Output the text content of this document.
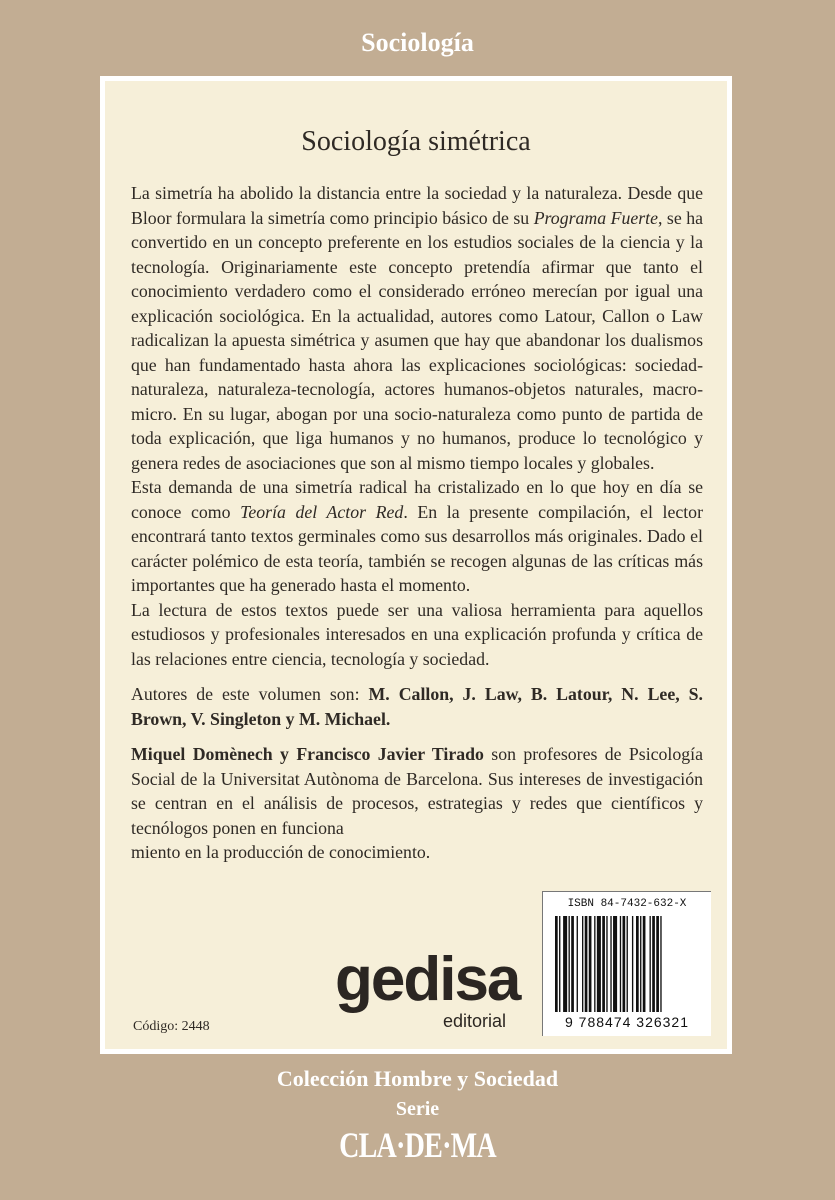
Sociología
Sociología simétrica

La simetría ha abolido la distancia entre la sociedad y la naturaleza. Desde que Bloor formulara la simetría como principio básico de su Programa Fuerte, se ha convertido en un concepto preferente en los estudios sociales de la ciencia y la tecnología. Originariamente este concepto pretendía afirmar que tanto el conocimiento verdadero como el considerado erróneo merecían por igual una explicación sociológica. En la actualidad, autores como Latour, Callon o Law radicalizan la apuesta simétrica y asumen que hay que abandonar los dualismos que han fundamentado hasta ahora las explicaciones sociológicas: sociedad-naturaleza, naturaleza-tecnología, actores humanos-objetos naturales, macro-micro. En su lugar, abogan por una socio-naturaleza como punto de partida de toda explicación, que liga humanos y no humanos, produce lo tecnológico y genera redes de asociaciones que son al mismo tiempo locales y globales.

Esta demanda de una simetría radical ha cristalizado en lo que hoy en día se conoce como Teoría del Actor Red. En la presente compilación, el lector encontrará tanto textos germinales como sus desarrollos más originales. Dado el carácter polémico de esta teoría, también se recogen algunas de las críticas más importantes que ha generado hasta el momento.

La lectura de estos textos puede ser una valiosa herramienta para aquellos estudiosos y profesionales interesados en una explicación profunda y crítica de las relaciones entre ciencia, tecnología y sociedad.

Autores de este volumen son: M. Callon, J. Law, B. Latour, N. Lee, S. Brown, V. Singleton y M. Michael.

Miquel Domènech y Francisco Javier Tirado son profesores de Psicología Social de la Universitat Autònoma de Barcelona. Sus intereses de investigación se centran en el análisis de procesos, estrategias y redes que científicos y tecnólogos ponen en funciona
miento en la producción de conocimiento.

gedisa
editorial
Código: 2448
ISBN 84-7432-632-X
9 788474 326321
Colección Hombre y Sociedad
Serie
CLA·DE·MA
